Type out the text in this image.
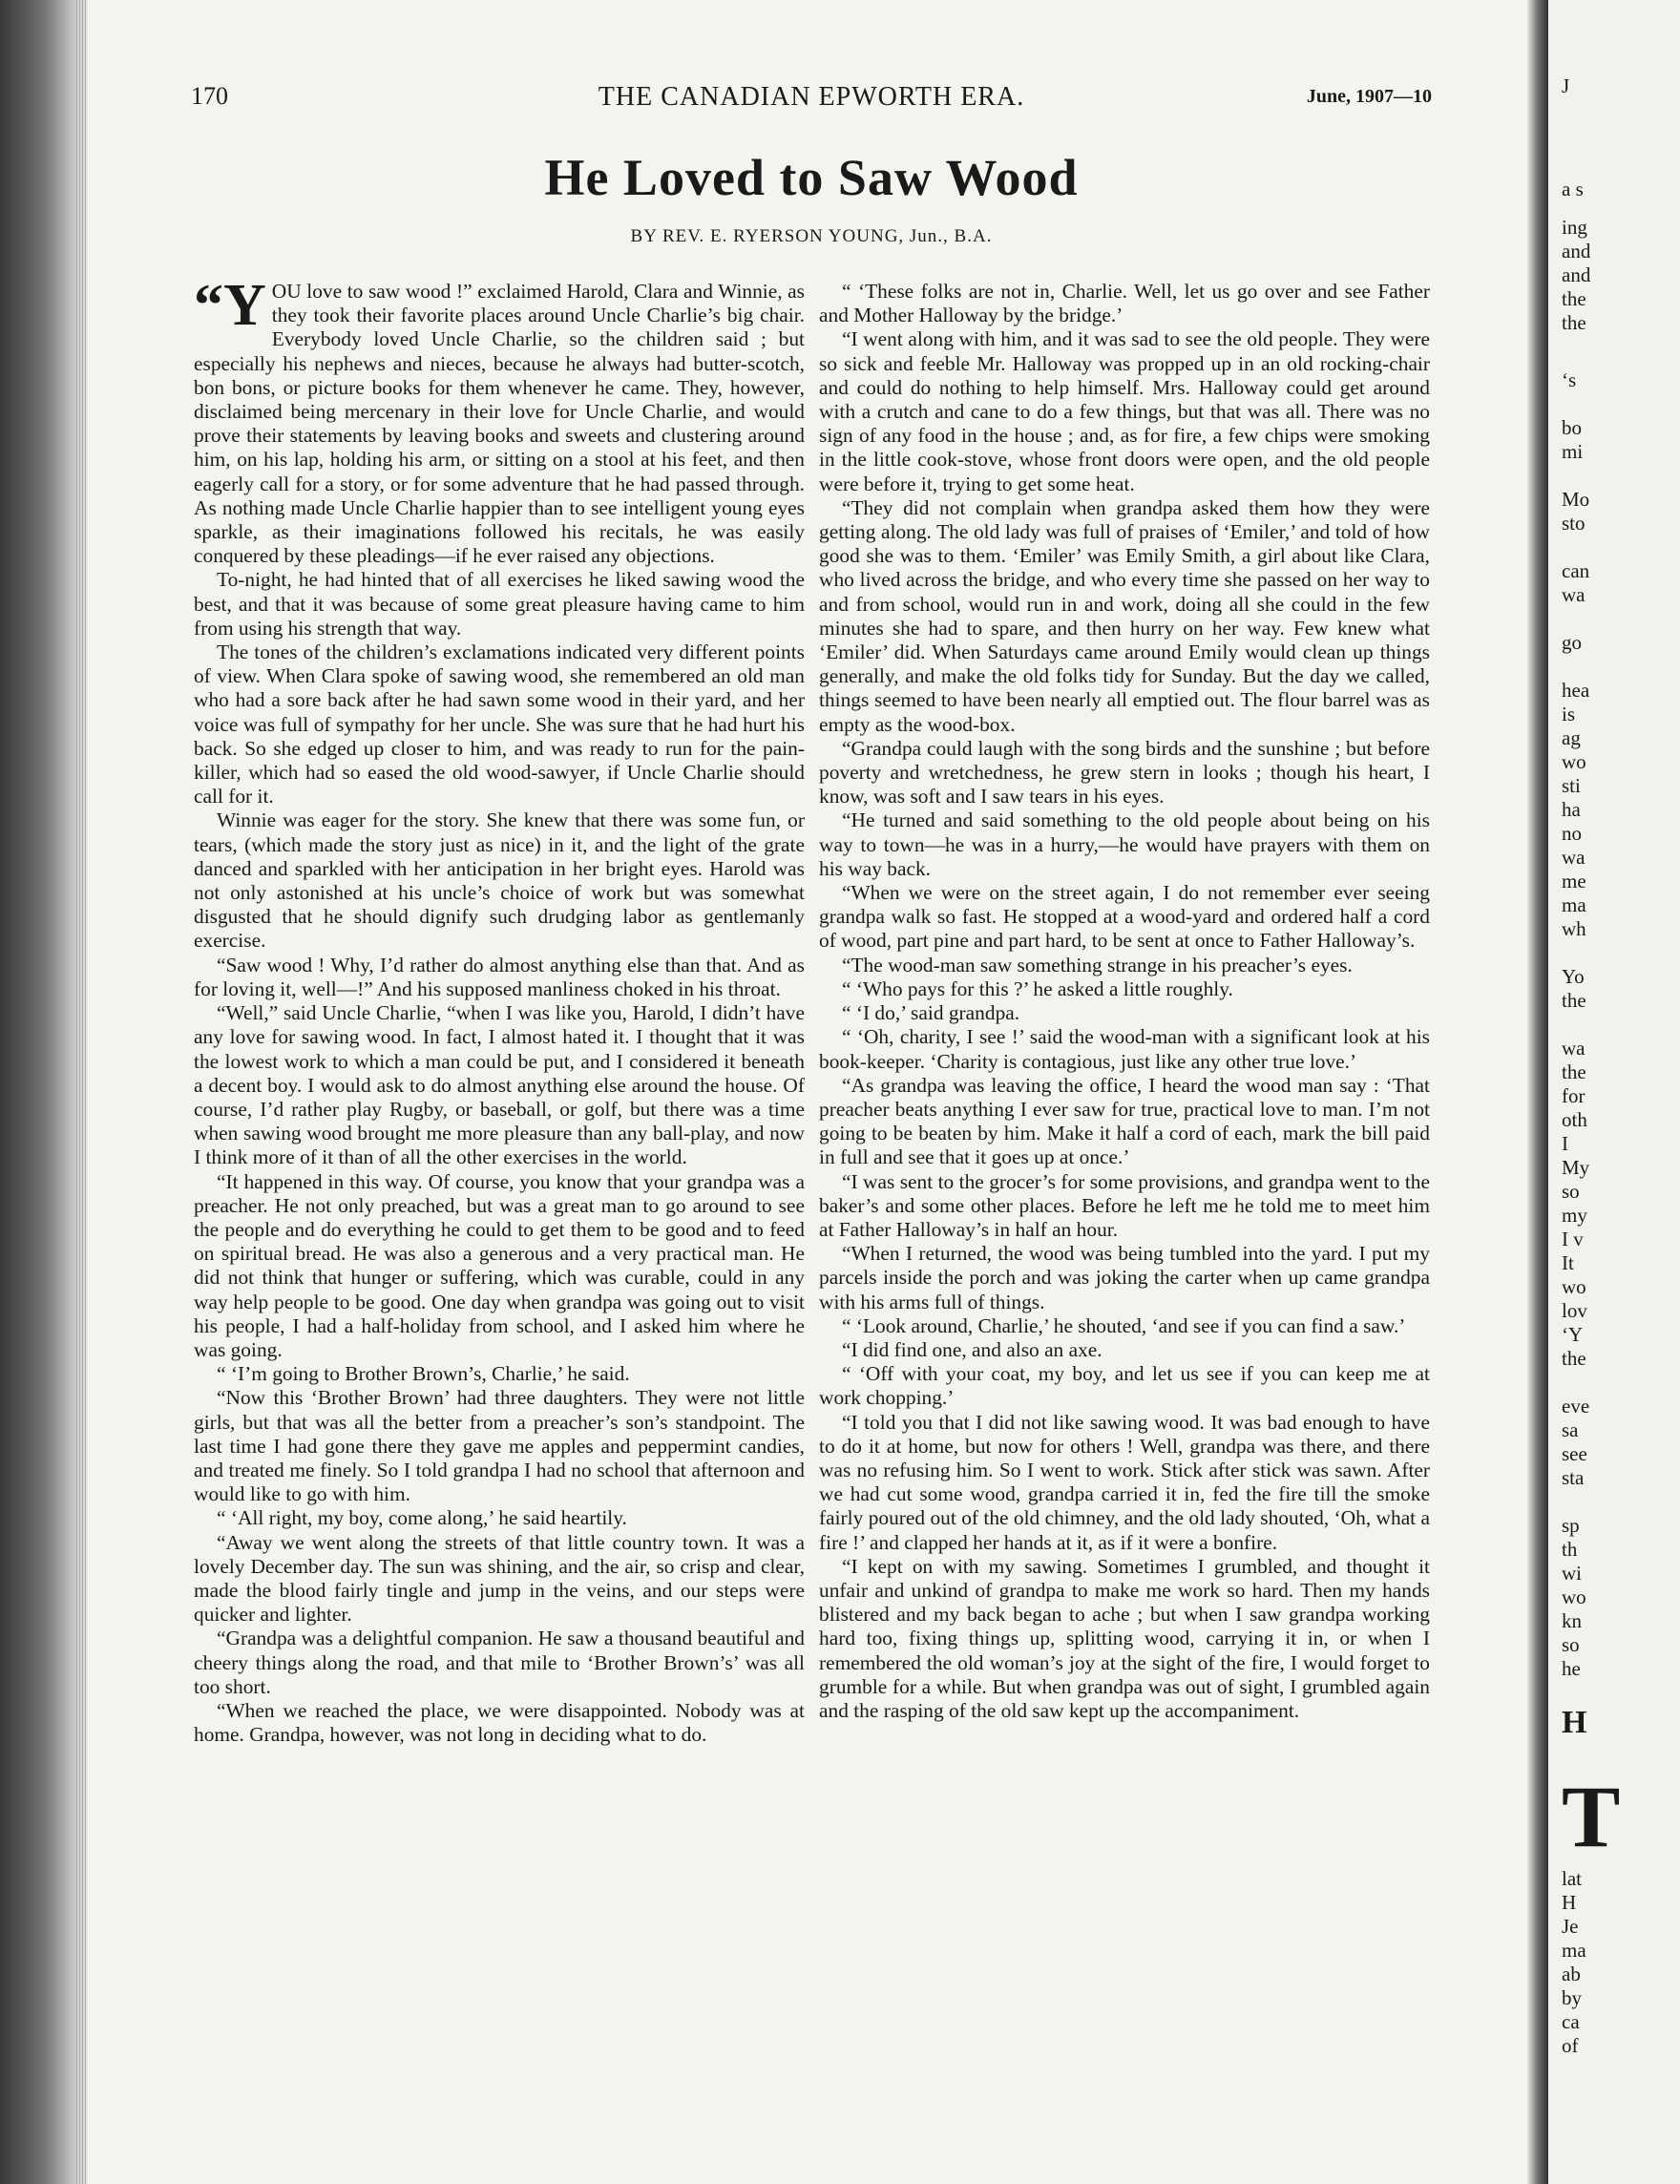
170	THE CANADIAN EPWORTH ERA.	June, 1907—10
He Loved to Saw Wood
BY REV. E. RYERSON YOUNG, Jun., B.A.

“YOU love to saw wood !” exclaimed Harold, Clara and Winnie, as they took their favorite places around Uncle Charlie’s big chair. Everybody loved Uncle Charlie, so the children said ; but especially his nephews and nieces, because he always had butter-scotch, bon bons, or picture books for them whenever he came. They, however, disclaimed being mercenary in their love for Uncle Charlie, and would prove their statements by leaving books and sweets and clustering around him, on his lap, holding his arm, or sitting on a stool at his feet, and then eagerly call for a story, or for some adventure that he had passed through. As nothing made Uncle Charlie happier than to see intelligent young eyes sparkle, as their imaginations followed his recitals, he was easily conquered by these pleadings—if he ever raised any objections.

To-night, he had hinted that of all exercises he liked sawing wood the best, and that it was because of some great pleasure having came to him from using his strength that way.

The tones of the children’s exclamations indicated very different points of view. When Clara spoke of sawing wood, she remembered an old man who had a sore back after he had sawn some wood in their yard, and her voice was full of sympathy for her uncle. She was sure that he had hurt his back. So she edged up closer to him, and was ready to run for the pain-killer, which had so eased the old wood-sawyer, if Uncle Charlie should call for it.

Winnie was eager for the story. She knew that there was some fun, or tears, (which made the story just as nice) in it, and the light of the grate danced and sparkled with her anticipation in her bright eyes. Harold was not only astonished at his uncle’s choice of work but was somewhat disgusted that he should dignify such drudging labor as gentlemanly exercise.

“Saw wood ! Why, I’d rather do almost anything else than that. And as for loving it, well—!” And his supposed manliness choked in his throat.

“Well,” said Uncle Charlie, “when I was like you, Harold, I didn’t have any love for sawing wood. In fact, I almost hated it. I thought that it was the lowest work to which a man could be put, and I considered it beneath a decent boy. I would ask to do almost anything else around the house. Of course, I’d rather play Rugby, or baseball, or golf, but there was a time when sawing wood brought me more pleasure than any ball-play, and now I think more of it than of all the other exercises in the world.

“It happened in this way. Of course, you know that your grandpa was a preacher. He not only preached, but was a great man to go around to see the people and do everything he could to get them to be good and to feed on spiritual bread. He was also a generous and a very practical man. He did not think that hunger or suffering, which was curable, could in any way help people to be good. One day when grandpa was going out to visit his people, I had a half-holiday from school, and I asked him where he was going.

“ ‘I’m going to Brother Brown’s, Charlie,’ he said.

“Now this ‘Brother Brown’ had three daughters. They were not little girls, but that was all the better from a preacher’s son’s standpoint. The last time I had gone there they gave me apples and peppermint candies, and treated me finely. So I told grandpa I had no school that afternoon and would like to go with him.

“ ‘All right, my boy, come along,’ he said heartily.

“Away we went along the streets of that little country town. It was a lovely December day. The sun was shining, and the air, so crisp and clear, made the blood fairly tingle and jump in the veins, and our steps were quicker and lighter.

“Grandpa was a delightful companion. He saw a thousand beautiful and cheery things along the road, and that mile to ‘Brother Brown’s’ was all too short.

“When we reached the place, we were disappointed. Nobody was at home. Grandpa, however, was not long in deciding what to do.

“ ‘These folks are not in, Charlie. Well, let us go over and see Father and Mother Halloway by the bridge.’

“I went along with him, and it was sad to see the old people. They were so sick and feeble Mr. Halloway was propped up in an old rocking-chair and could do nothing to help himself. Mrs. Halloway could get around with a crutch and cane to do a few things, but that was all. There was no sign of any food in the house ; and, as for fire, a few chips were smoking in the little cook-stove, whose front doors were open, and the old people were before it, trying to get some heat.

“They did not complain when grandpa asked them how they were getting along. The old lady was full of praises of ‘Emiler,’ and told of how good she was to them. ‘Emiler’ was Emily Smith, a girl about like Clara, who lived across the bridge, and who every time she passed on her way to and from school, would run in and work, doing all she could in the few minutes she had to spare, and then hurry on her way. Few knew what ‘Emiler’ did. When Saturdays came around Emily would clean up things generally, and make the old folks tidy for Sunday. But the day we called, things seemed to have been nearly all emptied out. The flour barrel was as empty as the wood-box.

“Grandpa could laugh with the song birds and the sunshine ; but before poverty and wretchedness, he grew stern in looks ; though his heart, I know, was soft and I saw tears in his eyes.

“He turned and said something to the old people about being on his way to town—he was in a hurry,—he would have prayers with them on his way back.

“When we were on the street again, I do not remember ever seeing grandpa walk so fast. He stopped at a wood-yard and ordered half a cord of wood, part pine and part hard, to be sent at once to Father Halloway’s.

“The wood-man saw something strange in his preacher’s eyes.

“ ‘Who pays for this ?’ he asked a little roughly.

“ ‘I do,’ said grandpa.

“ ‘Oh, charity, I see !’ said the wood-man with a significant look at his book-keeper. ‘Charity is contagious, just like any other true love.’

“As grandpa was leaving the office, I heard the wood man say : ‘That preacher beats anything I ever saw for true, practical love to man. I’m not going to be beaten by him. Make it half a cord of each, mark the bill paid in full and see that it goes up at once.’

“I was sent to the grocer’s for some provisions, and grandpa went to the baker’s and some other places. Before he left me he told me to meet him at Father Halloway’s in half an hour.

“When I returned, the wood was being tumbled into the yard. I put my parcels inside the porch and was joking the carter when up came grandpa with his arms full of things.

“ ‘Look around, Charlie,’ he shouted, ‘and see if you can find a saw.’

“I did find one, and also an axe.

“ ‘Off with your coat, my boy, and let us see if you can keep me at work chopping.’

“I told you that I did not like sawing wood. It was bad enough to have to do it at home, but now for others ! Well, grandpa was there, and there was no refusing him. So I went to work. Stick after stick was sawn. After we had cut some wood, grandpa carried it in, fed the fire till the smoke fairly poured out of the old chimney, and the old lady shouted, ‘Oh, what a fire !’ and clapped her hands at it, as if it were a bonfire.

“I kept on with my sawing. Sometimes I grumbled, and thought it unfair and unkind of grandpa to make me work so hard. Then my hands blistered and my back began to ache ; but when I saw grandpa working hard too, fixing things up, splitting wood, carrying it in, or when I remembered the old woman’s joy at the sight of the fire, I would forget to grumble for a while. But when grandpa was out of sight, I grumbled again and the rasping of the old saw kept up the accompaniment.

J
a s
ing
and
and
the
the
‘s
bo
mi
Mo
sto
can
wa
go
hea
is
ag
wo
sti
ha
no
wa
me
ma
wh
Yo
the
wa
the
for
oth
I
My
so
my
I v
It
wo
lov
‘Y
the
eve
sa
see
sta
sp
th
wi
wo
kn
so
he
H
T
lat
H
Je
ma
ab
by
ca
of
